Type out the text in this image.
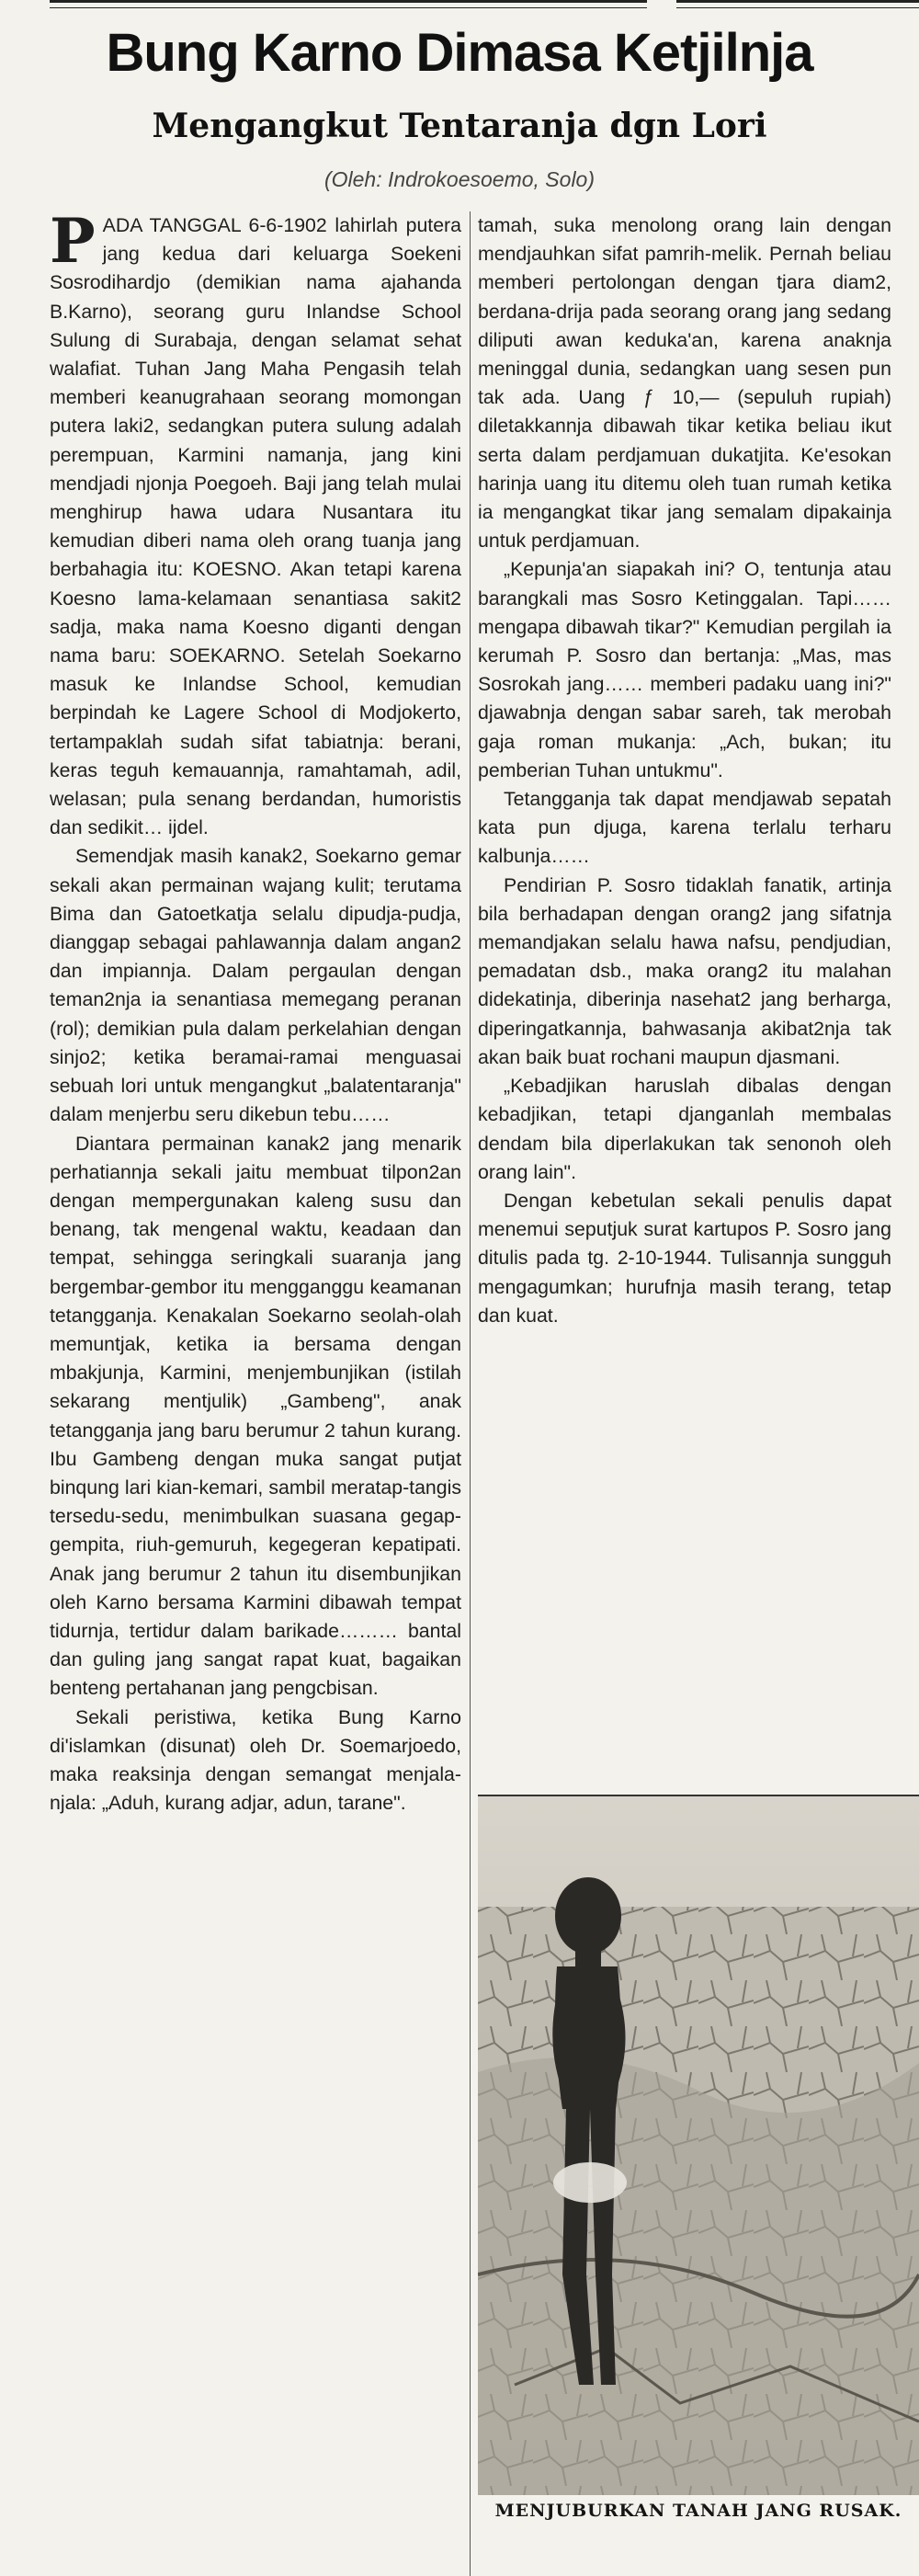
Bung Karno Dimasa Ketjilnja
Mengangkut Tentaranja dgn Lori
(Oleh: Indrokoesoemo, Solo)

PADA TANGGAL 6-6-1902 lahirlah putera jang kedua dari keluarga Soekeni Sosrodihardjo (demikian nama ajahanda B.Karno), seorang guru Inlandse School Sulung di Surabaja, dengan selamat sehat walafiat. Tuhan Jang Maha Pengasih telah memberi keanugrahaan seorang momongan putera laki2, sedangkan putera sulung adalah perempuan, Karmini namanja, jang kini mendjadi njonja Poegoeh. Baji jang telah mulai menghirup hawa udara Nusantara itu kemudian diberi nama oleh orang tuanja jang berbahagia itu: KOESNO. Akan tetapi karena Koesno lama-kelamaan senantiasa sakit2 sadja, maka nama Koesno diganti dengan nama baru: SOEKARNO. Setelah Soekarno masuk ke Inlandse School, kemudian berpindah ke Lagere School di Modjokerto, tertampaklah sudah sifat tabiatnja: berani, keras teguh kemauannja, ramahtamah, adil, welasan; pula senang berdandan, humoristis dan sedikit… ijdel.

Semendjak masih kanak2, Soekarno gemar sekali akan permainan wajang kulit; terutama Bima dan Gatoetkatja selalu dipudja-pudja, dianggap sebagai pahlawannja dalam angan2 dan impiannja. Dalam pergaulan dengan teman2nja ia senantiasa memegang peranan (rol); demikian pula dalam perkelahian dengan sinjo2; ketika beramai-ramai menguasai sebuah lori untuk mengangkut „balatentaranja" dalam menjerbu seru dikebun tebu……

Diantara permainan kanak2 jang menarik perhatiannja sekali jaitu membuat tilpon2an dengan mempergunakan kaleng susu dan benang, tak mengenal waktu, keadaan dan tempat, sehingga seringkali suaranja jang bergembar-gembor itu mengganggu keamanan tetangganja. Kenakalan Soekarno seolah-olah memuntjak, ketika ia bersama dengan mbakjunja, Karmini, menjembunjikan (istilah sekarang mentjulik) „Gambeng", anak tetangganja jang baru berumur 2 tahun kurang. Ibu Gambeng dengan muka sangat putjat binqung lari kian-kemari, sambil meratap-tangis tersedu-sedu, menimbulkan suasana gegap-gempita, riuh-gemuruh, kegegeran kepatipati. Anak jang berumur 2 tahun itu disembunjikan oleh Karno bersama Karmini dibawah tempat tidurnja, tertidur dalam barikade……… bantal dan guling jang sangat rapat kuat, bagaikan benteng pertahanan jang pengcbisan.

Sekali peristiwa, ketika Bung Karno di'islamkan (disunat) oleh Dr. Soemarjoedo, maka reaksinja dengan semangat menjala-njala: „Aduh, kurang adjar, adun, tarane".

tamah, suka menolong orang lain dengan mendjauhkan sifat pamrih-melik. Pernah beliau memberi pertolongan dengan tjara diam2, berdana-drija pada seorang orang jang sedang diliputi awan keduka'an, karena anaknja meninggal dunia, sedangkan uang sesen pun tak ada. Uang ƒ 10,— (sepuluh rupiah) diletakkannja dibawah tikar ketika beliau ikut serta dalam perdjamuan dukatjita. Ke'esokan harinja uang itu ditemu oleh tuan rumah ketika ia mengangkat tikar jang semalam dipakainja untuk perdjamuan.

„Kepunja'an siapakah ini? O, tentunja atau barangkali mas Sosro Ketinggalan. Tapi…… mengapa dibawah tikar?" Kemudian pergilah ia kerumah P. Sosro dan bertanja: „Mas, mas Sosrokah jang…… memberi padaku uang ini?" djawabnja dengan sabar sareh, tak merobah gaja roman mukanja: „Ach, bukan; itu pemberian Tuhan untukmu".

Tetangganja tak dapat mendjawab sepatah kata pun djuga, karena terlalu terharu kalbunja……

Pendirian P. Sosro tidaklah fanatik, artinja bila berhadapan dengan orang2 jang sifatnja memandjakan selalu hawa nafsu, pendjudian, pemadatan dsb., maka orang2 itu malahan didekatinja, diberinja nasehat2 jang berharga, diperingatkannja, bahwasanja akibat2nja tak akan baik buat rochani maupun djasmani.

„Kebadjikan haruslah dibalas dengan kebadjikan, tetapi djanganlah membalas dendam bila diperlakukan tak senonoh oleh orang lain".

Dengan kebetulan sekali penulis dapat menemui seputjuk surat kartupos P. Sosro jang ditulis pada tg. 2-10-1944. Tulisannja sungguh mengagumkan; hurufnja masih terang, tetap dan kuat.

MENJUBURKAN TANAH JANG RUSAK.
